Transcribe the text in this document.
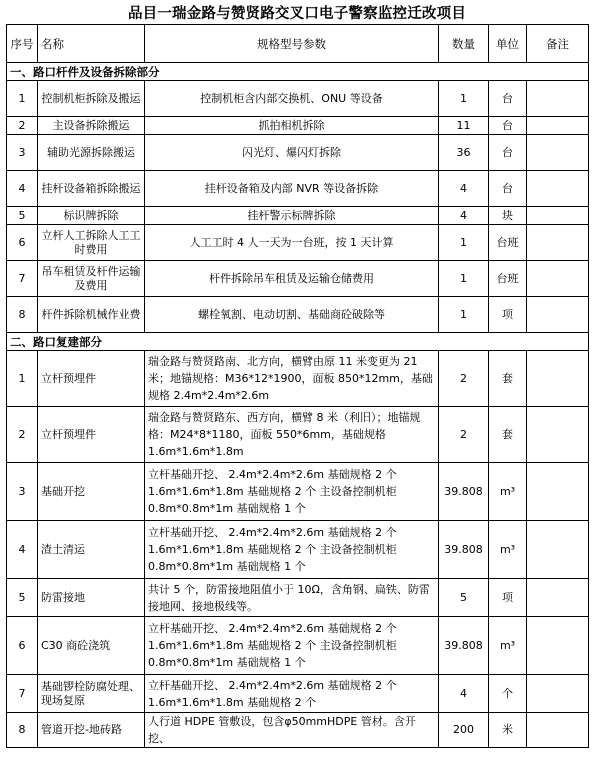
品目一瑞金路与赞贤路交叉口电子警察监控迁改项目
序号	名称	规格型号参数	数量	单位	备注
一、路口杆件及设备拆除部分					
1	控制机柜拆除及搬运	控制机柜含内部交换机、ONU 等设备	1	台	
2	主设备拆除搬运	抓拍相机拆除	11	台	
3	辅助光源拆除搬运	闪光灯、爆闪灯拆除	36	台	
4	挂杆设备箱拆除搬运	挂杆设备箱及内部 NVR 等设备拆除	4	台	
5	标识牌拆除	挂杆警示标牌拆除	4	块	
6	立杆人工拆除人工工时费用	人工工时 4 人一天为一台班，按 1 天计算	1	台班	
7	吊车租赁及杆件运输及费用	杆件拆除吊车租赁及运输仓储费用	1	台班	
8	杆件拆除机械作业费	螺栓氧割、电动切割、基础商砼破除等	1	项	
二、路口复建部分					
1	立杆预埋件	瑞金路与赞贤路南、北方向，横臂由原 11 米变更为 21 米；地锚规格：M36*12*1900，面板 850*12mm，基础规格 2.4m*2.4m*2.6m	2	套	
2	立杆预埋件	瑞金路与赞贤路东、西方向，横臂 8 米（利旧）；地锚规格：M24*8*1180，面板 550*6mm，基础规格 1.6m*1.6m*1.8m	2	套	
3	基础开挖	立杆基础开挖、 2.4m*2.4m*2.6m 基础规格 2 个 1.6m*1.6m*1.8m 基础规格 2 个 主设备控制机柜 0.8m*0.8m*1m 基础规格 1 个	39.808	m³	
4	渣土清运	立杆基础开挖、 2.4m*2.4m*2.6m 基础规格 2 个 1.6m*1.6m*1.8m 基础规格 2 个 主设备控制机柜 0.8m*0.8m*1m 基础规格 1 个	39.808	m³	
5	防雷接地	共计 5 个，防雷接地阻值小于 10Ω，含角钢、扁铁、防雷接地网、接地极线等。	5	项	
6	C30 商砼浇筑	立杆基础开挖、 2.4m*2.4m*2.6m 基础规格 2 个 1.6m*1.6m*1.8m 基础规格 2 个 主设备控制机柜 0.8m*0.8m*1m 基础规格 1 个	39.808	m³	
7	基础锣栓防腐处理、现场复原	立杆基础开挖、 2.4m*2.4m*2.6m 基础规格 2 个 1.6m*1.6m*1.8m 基础规格 2 个	4	个	
8	管道开挖-地砖路	人行道 HDPE 管敷设，包含φ50mmHDPE 管材。含开挖、	200	米	
